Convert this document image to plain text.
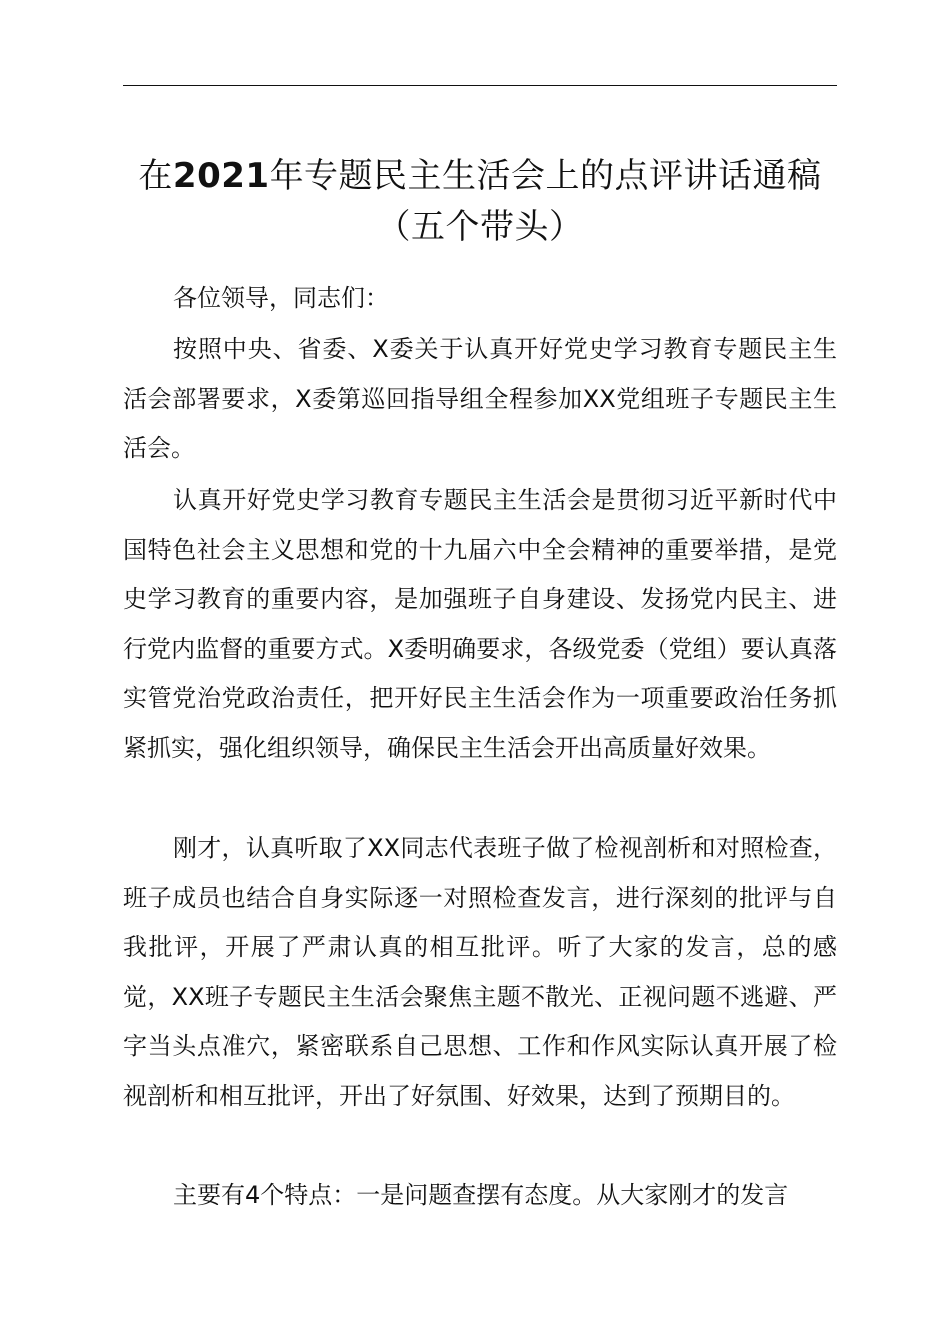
在2021年专题民主生活会上的点评讲话通稿
（五个带头）
各位领导，同志们：

按照中央、省委、X委关于认真开好党史学习教育专题民主生活会部署要求，X委第巡回指导组全程参加XX党组班子专题民主生活会。

认真开好党史学习教育专题民主生活会是贯彻习近平新时代中国特色社会主义思想和党的十九届六中全会精神的重要举措，是党史学习教育的重要内容，是加强班子自身建设、发扬党内民主、进行党内监督的重要方式。X委明确要求，各级党委（党组）要认真落实管党治党政治责任，把开好民主生活会作为一项重要政治任务抓紧抓实，强化组织领导，确保民主生活会开出高质量好效果。

刚才，认真听取了XX同志代表班子做了检视剖析和对照检查，班子成员也结合自身实际逐一对照检查发言，进行深刻的批评与自我批评，开展了严肃认真的相互批评。听了大家的发言，总的感觉，XX班子专题民主生活会聚焦主题不散光、正视问题不逃避、严字当头点准穴，紧密联系自己思想、工作和作风实际认真开展了检视剖析和相互批评，开出了好氛围、好效果，达到了预期目的。

主要有4个特点：一是问题查摆有态度。从大家刚才的发言
